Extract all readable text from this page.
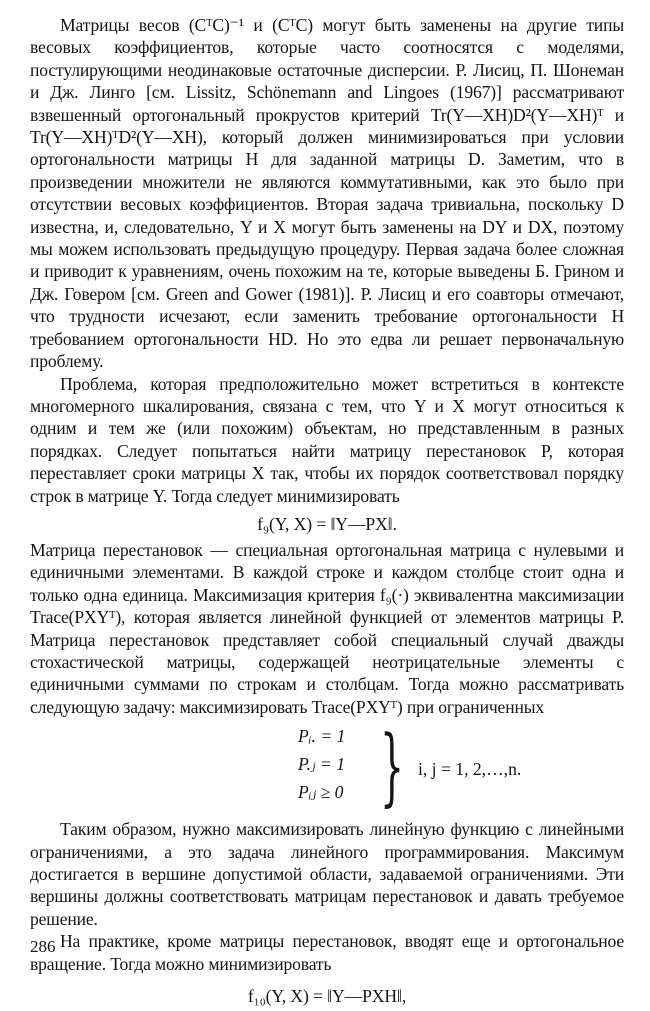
Матрицы весов (CᵀC)⁻¹ и (CᵀC) могут быть заменены на другие типы весовых коэффициентов, которые часто соотносятся с моделями, постулирующими неодинаковые остаточные дисперсии. Р. Лисиц, П. Шонеман и Дж. Линго [см. Lissitz, Schönemann and Lingoes (1967)] рассматривают взвешенный ортогональный прокрустов критерий Tr(Y—XH)D²(Y—XH)ᵀ и Tr(Y—XH)ᵀD²(Y—XH), который должен минимизироваться при условии ортогональности матрицы H для заданной матрицы D. Заметим, что в произведении множители не являются коммутативными, как это было при отсутствии весовых коэффициентов. Вторая задача тривиальна, поскольку D известна, и, следовательно, Y и X могут быть заменены на DY и DX, поэтому мы можем использовать предыдущую процедуру. Первая задача более сложная и приводит к уравнениям, очень похожим на те, которые выведены Б. Грином и Дж. Говером [см. Green and Gower (1981)]. Р. Лисиц и его соавторы отмечают, что трудности исчезают, если заменить требование ортогональности H требованием ортогональности HD. Но это едва ли решает первоначальную проблему.

Проблема, которая предположительно может встретиться в контексте многомерного шкалирования, связана с тем, что Y и X могут относиться к одним и тем же (или похожим) объектам, но представленным в разных порядках. Следует попытаться найти матрицу перестановок P, которая переставляет сроки матрицы X так, чтобы их порядок соответствовал порядку строк в матрице Y. Тогда следует минимизировать

f₉(Y, X) = ‖Y—PX‖.

Матрица перестановок — специальная ортогональная матрица с нулевыми и единичными элементами. В каждой строке и каждом столбце стоит одна и только одна единица. Максимизация критерия f₉(·) эквивалентна максимизации Trace(PXYᵀ), которая является линейной функцией от элементов матрицы P. Матрица перестановок представляет собой специальный случай дважды стохастической матрицы, содержащей неотрицательные элементы с единичными суммами по строкам и столбцам. Тогда можно рассматривать следующую задачу: максимизировать Trace(PXYᵀ) при ограниченных

Pᵢ. = 1
P.ⱼ = 1
Pᵢⱼ ≥ 0 } i, j = 1, 2,…,n.

Таким образом, нужно максимизировать линейную функцию с линейными ограничениями, а это задача линейного программирования. Максимум достигается в вершине допустимой области, задаваемой ограничениями. Эти вершины должны соответствовать матрицам перестановок и давать требуемое решение.

На практике, кроме матрицы перестановок, вводят еще и ортогональное вращение. Тогда можно минимизировать

f₁₀(Y, X) = ‖Y—PXH‖,
286
